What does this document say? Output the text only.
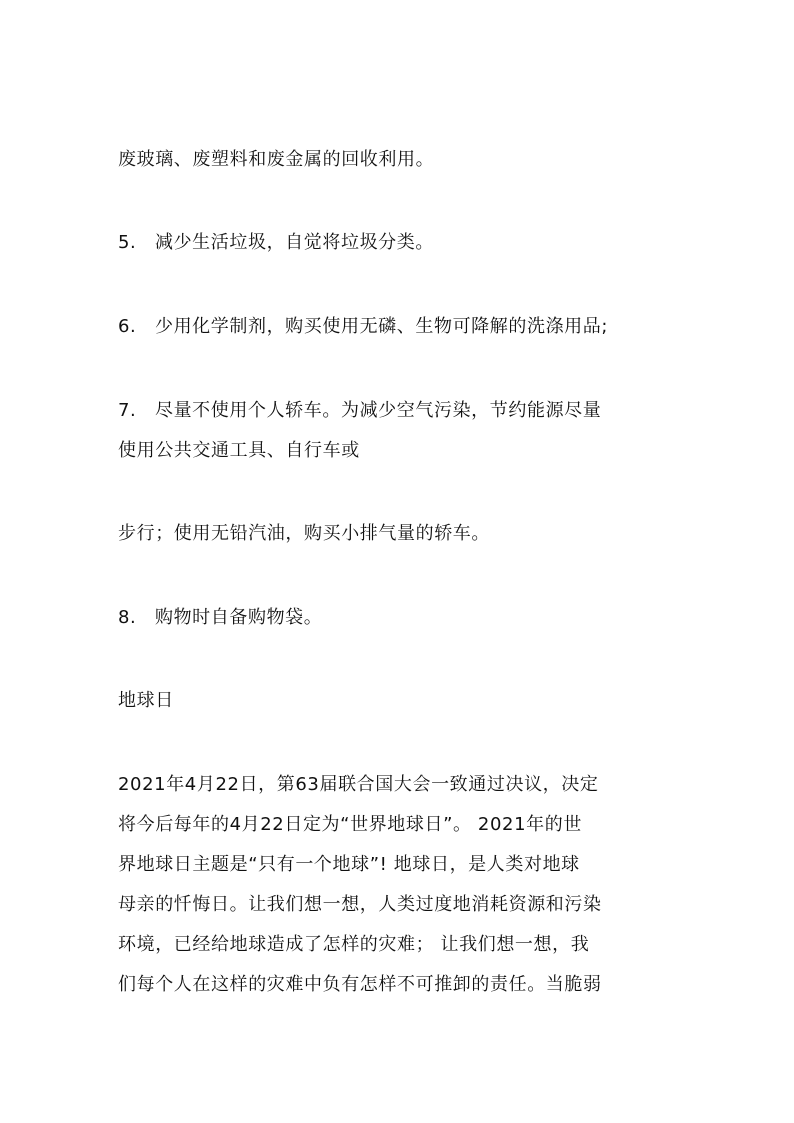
废玻璃、废塑料和废金属的回收利用。
5.　减少生活垃圾，自觉将垃圾分类。
6.　少用化学制剂，购买使用无磷、生物可降解的洗涤用品;
7.　尽量不使用个人轿车。为减少空气污染，节约能源尽量
使用公共交通工具、自行车或
步行；使用无铅汽油，购买小排气量的轿车。
8.　购物时自备购物袋。
地球日
2021年4月22日，第63届联合国大会一致通过决议，决定
将今后每年的4月22日定为“世界地球日”。 2021年的世
界地球日主题是“只有一个地球”! 地球日，是人类对地球
母亲的忏悔日。让我们想一想，人类过度地消耗资源和污染
环境，已经给地球造成了怎样的灾难； 让我们想一想，我
们每个人在这样的灾难中负有怎样不可推卸的责任。当脆弱
